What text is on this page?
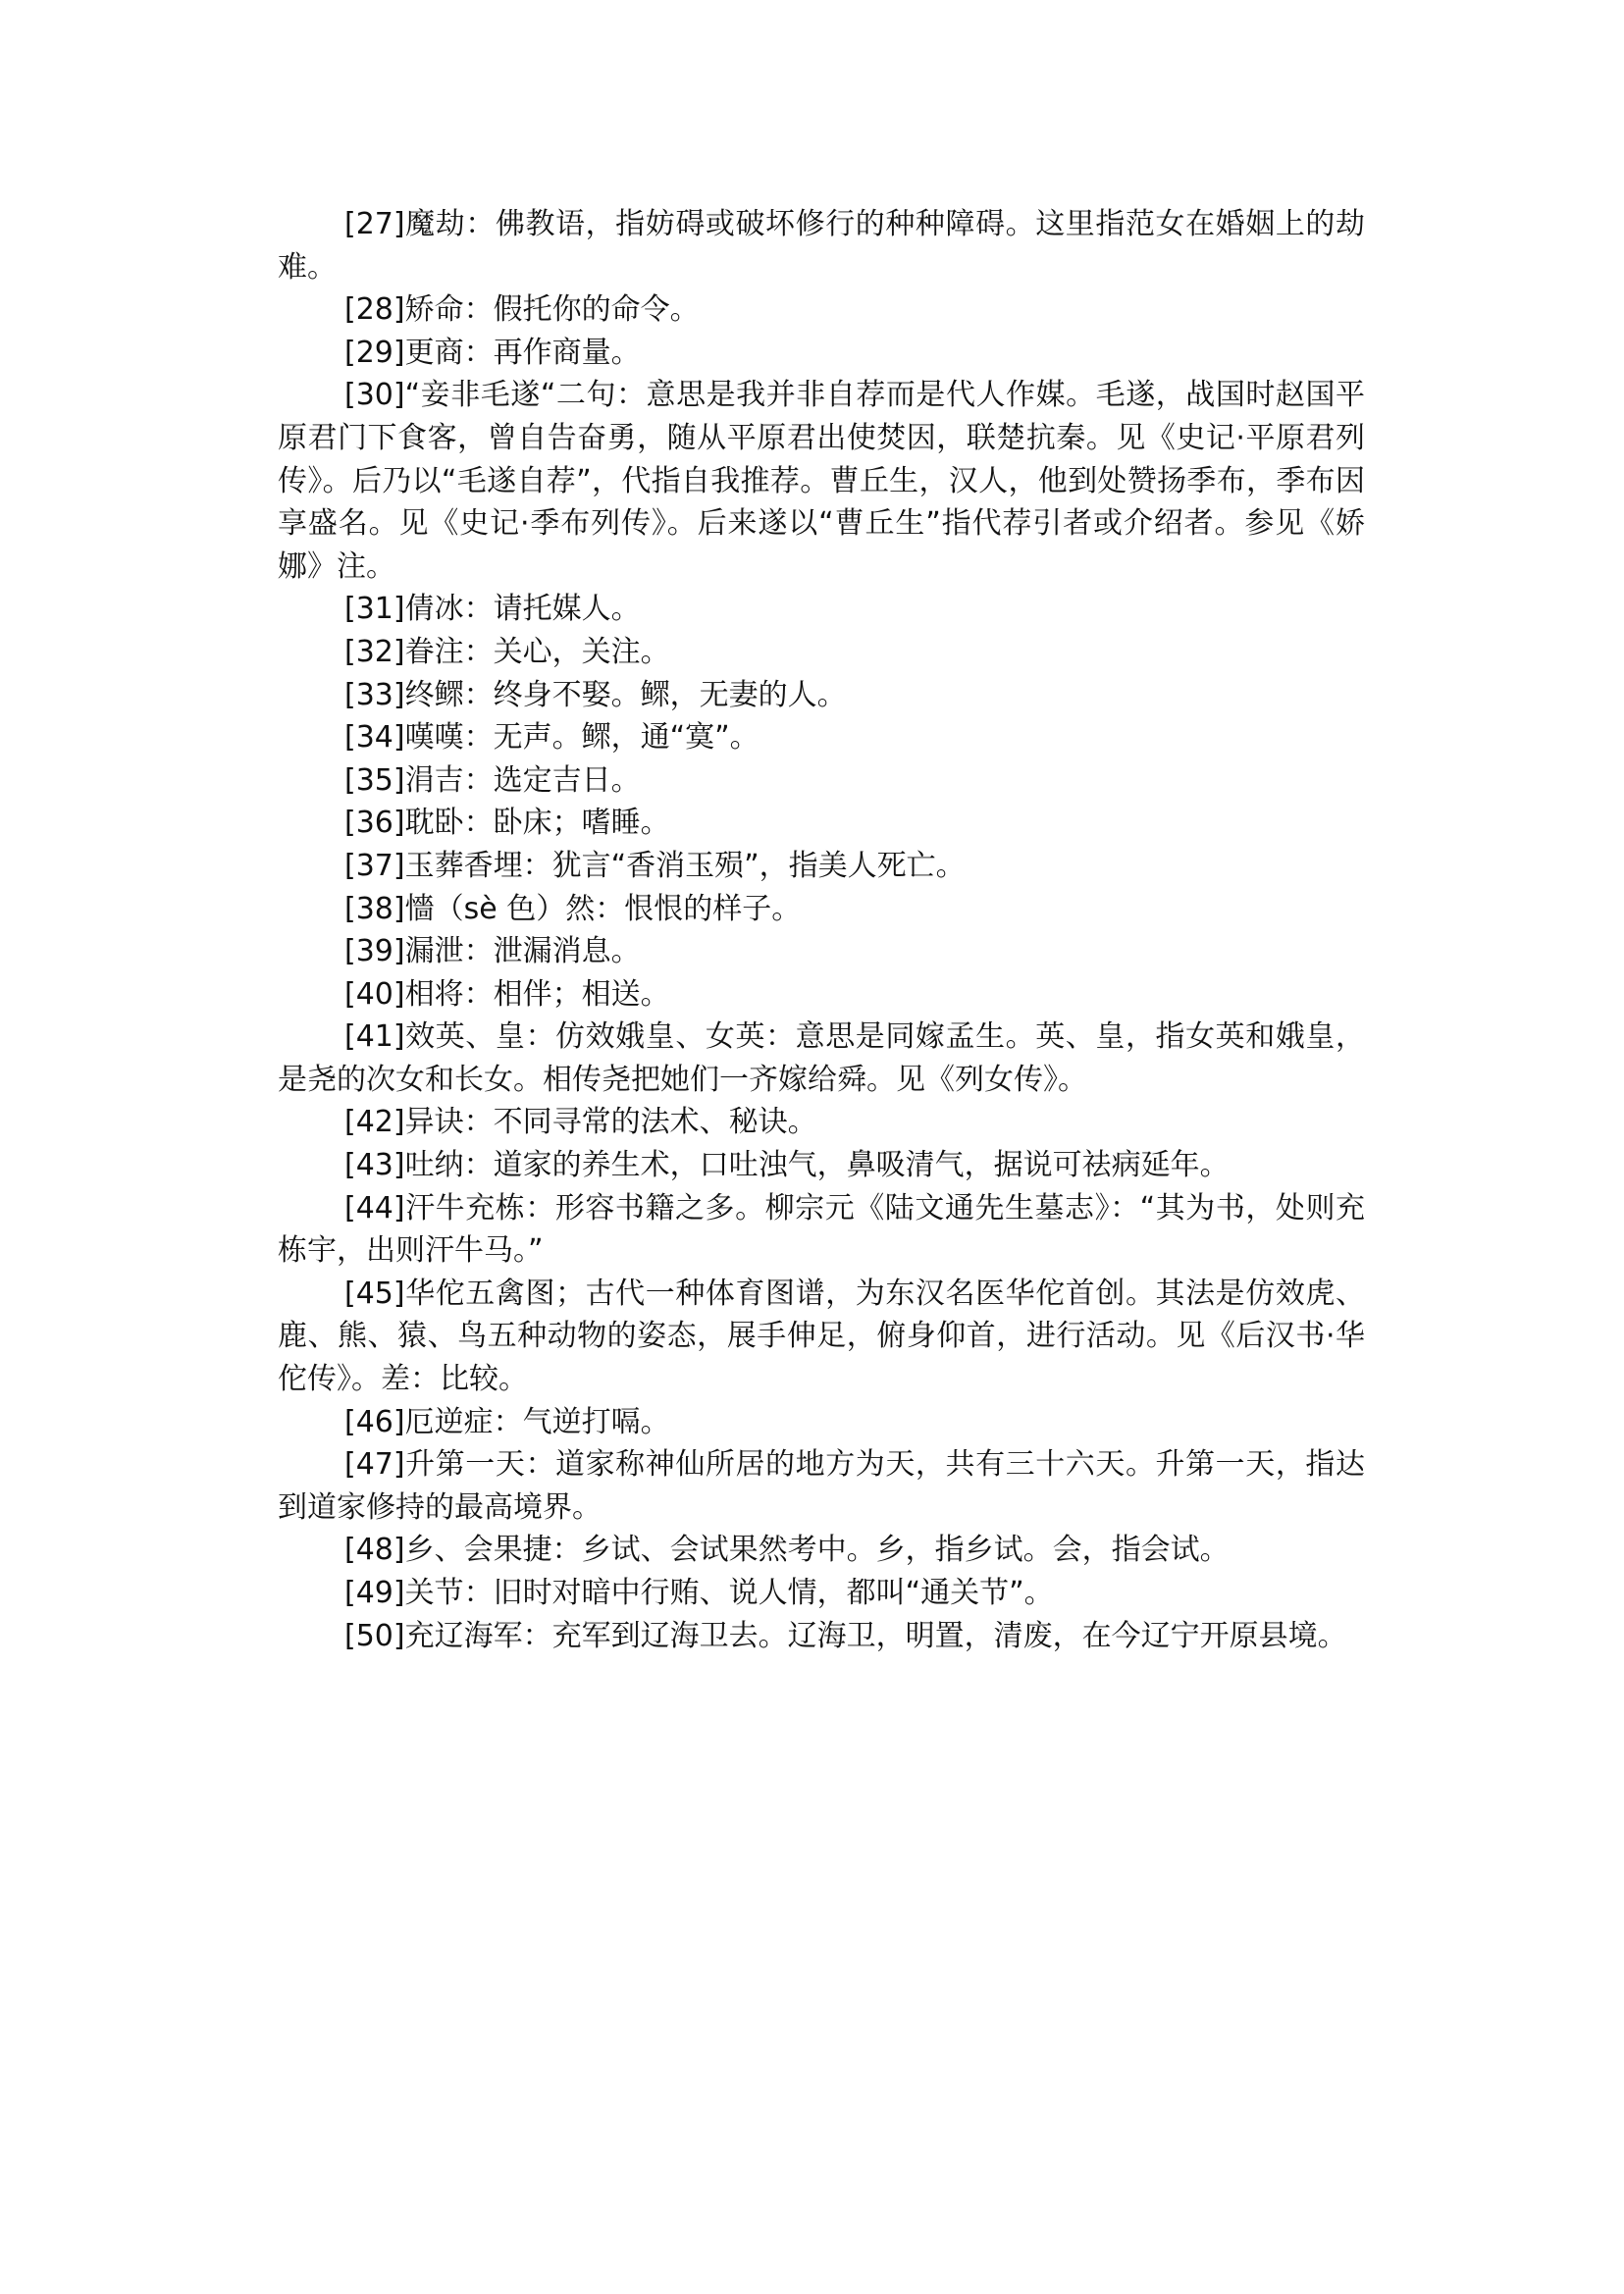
[27]魔劫：佛教语，指妨碍或破坏修行的种种障碍。这里指范女在婚姻上的劫难。

[28]矫命：假托你的命令。

[29]更商：再作商量。

[30]“妾非毛遂“二句：意思是我并非自荐而是代人作媒。毛遂，战国时赵国平原君门下食客，曾自告奋勇，随从平原君出使焚因，联楚抗秦。见《史记·平原君列传》。后乃以“毛遂自荐”，代指自我推荐。曹丘生，汉人，他到处赞扬季布，季布因享盛名。见《史记·季布列传》。后来遂以“曹丘生”指代荐引者或介绍者。参见《娇娜》注。

[31]倩冰：请托媒人。

[32]眷注：关心，关注。

[33]终鳏：终身不娶。鳏，无妻的人。

[34]嘆嘆：无声。鳏，通“寞”。

[35]涓吉：选定吉日。

[36]耽卧：卧床；嗜睡。

[37]玉葬香埋：犹言“香消玉殒”，指美人死亡。

[38]懎（sè 色）然：恨恨的样子。

[39]漏泄：泄漏消息。

[40]相将：相伴；相送。

[41]效英、皇：仿效娥皇、女英：意思是同嫁孟生。英、皇，指女英和娥皇，是尧的次女和长女。相传尧把她们一齐嫁给舜。见《列女传》。

[42]异诀：不同寻常的法术、秘诀。

[43]吐纳：道家的养生术，口吐浊气，鼻吸清气，据说可祛病延年。

[44]汗牛充栋：形容书籍之多。柳宗元《陆文通先生墓志》：“其为书，处则充栋宇，出则汗牛马。”

[45]华佗五禽图；古代一种体育图谱，为东汉名医华佗首创。其法是仿效虎、鹿、熊、猿、鸟五种动物的姿态，展手伸足，俯身仰首，进行活动。见《后汉书·华佗传》。差：比较。

[46]厄逆症：气逆打嗝。

[47]升第一天：道家称神仙所居的地方为天，共有三十六天。升第一天，指达到道家修持的最高境界。

[48]乡、会果捷：乡试、会试果然考中。乡，指乡试。会，指会试。

[49]关节：旧时对暗中行贿、说人情，都叫“通关节”。

[50]充辽海军：充军到辽海卫去。辽海卫，明置，清废，在今辽宁开原县境。
